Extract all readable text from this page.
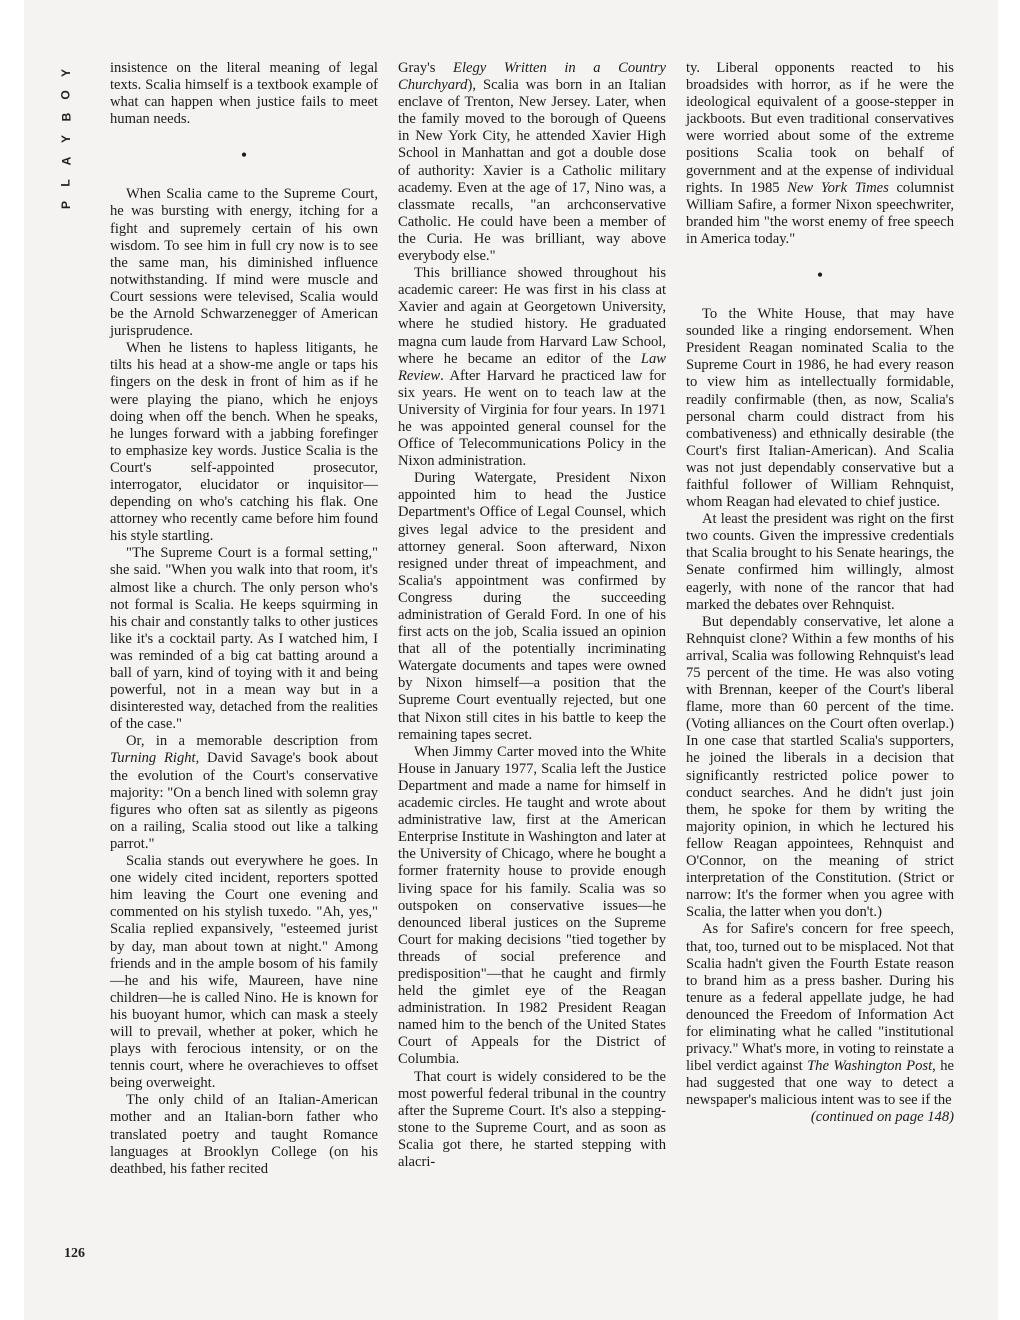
Y
O
B
Y
A
L
P
126

insistence on the literal meaning of legal texts. Scalia himself is a textbook example of what can happen when justice fails to meet human needs.

•

When Scalia came to the Supreme Court, he was bursting with energy, itching for a fight and supremely certain of his own wisdom. To see him in full cry now is to see the same man, his diminished influence notwithstanding. If mind were muscle and Court sessions were televised, Scalia would be the Arnold Schwarzenegger of American jurisprudence.

When he listens to hapless litigants, he tilts his head at a show-me angle or taps his fingers on the desk in front of him as if he were playing the piano, which he enjoys doing when off the bench. When he speaks, he lunges forward with a jabbing forefinger to emphasize key words. Justice Scalia is the Court's self-appointed prosecutor, interrogator, elucidator or inquisitor—depending on who's catching his flak. One attorney who recently came before him found his style startling.

"The Supreme Court is a formal setting," she said. "When you walk into that room, it's almost like a church. The only person who's not formal is Scalia. He keeps squirming in his chair and constantly talks to other justices like it's a cocktail party. As I watched him, I was reminded of a big cat batting around a ball of yarn, kind of toying with it and being powerful, not in a mean way but in a disinterested way, detached from the realities of the case."

Or, in a memorable description from Turning Right, David Savage's book about the evolution of the Court's conservative majority: "On a bench lined with solemn gray figures who often sat as silently as pigeons on a railing, Scalia stood out like a talking parrot."

Scalia stands out everywhere he goes. In one widely cited incident, reporters spotted him leaving the Court one evening and commented on his stylish tuxedo. "Ah, yes," Scalia replied expansively, "esteemed jurist by day, man about town at night." Among friends and in the ample bosom of his family—he and his wife, Maureen, have nine children—he is called Nino. He is known for his buoyant humor, which can mask a steely will to prevail, whether at poker, which he plays with ferocious intensity, or on the tennis court, where he overachieves to offset being overweight.

The only child of an Italian-American mother and an Italian-born father who translated poetry and taught Romance languages at Brooklyn College (on his deathbed, his father recited

Gray's Elegy Written in a Country Churchyard), Scalia was born in an Italian enclave of Trenton, New Jersey. Later, when the family moved to the borough of Queens in New York City, he attended Xavier High School in Manhattan and got a double dose of authority: Xavier is a Catholic military academy. Even at the age of 17, Nino was, a classmate recalls, "an archconservative Catholic. He could have been a member of the Curia. He was brilliant, way above everybody else."

This brilliance showed throughout his academic career: He was first in his class at Xavier and again at Georgetown University, where he studied history. He graduated magna cum laude from Harvard Law School, where he became an editor of the Law Review. After Harvard he practiced law for six years. He went on to teach law at the University of Virginia for four years. In 1971 he was appointed general counsel for the Office of Telecommunications Policy in the Nixon administration.

During Watergate, President Nixon appointed him to head the Justice Department's Office of Legal Counsel, which gives legal advice to the president and attorney general. Soon afterward, Nixon resigned under threat of impeachment, and Scalia's appointment was confirmed by Congress during the succeeding administration of Gerald Ford. In one of his first acts on the job, Scalia issued an opinion that all of the potentially incriminating Watergate documents and tapes were owned by Nixon himself—a position that the Supreme Court eventually rejected, but one that Nixon still cites in his battle to keep the remaining tapes secret.

When Jimmy Carter moved into the White House in January 1977, Scalia left the Justice Department and made a name for himself in academic circles. He taught and wrote about administrative law, first at the American Enterprise Institute in Washington and later at the University of Chicago, where he bought a former fraternity house to provide enough living space for his family. Scalia was so outspoken on conservative issues—he denounced liberal justices on the Supreme Court for making decisions "tied together by threads of social preference and predisposition"—that he caught and firmly held the gimlet eye of the Reagan administration. In 1982 President Reagan named him to the bench of the United States Court of Appeals for the District of Columbia.

That court is widely considered to be the most powerful federal tribunal in the country after the Supreme Court. It's also a stepping-stone to the Supreme Court, and as soon as Scalia got there, he started stepping with alacri-

ty. Liberal opponents reacted to his broadsides with horror, as if he were the ideological equivalent of a goose-stepper in jackboots. But even traditional conservatives were worried about some of the extreme positions Scalia took on behalf of government and at the expense of individual rights. In 1985 New York Times columnist William Safire, a former Nixon speechwriter, branded him "the worst enemy of free speech in America today."

•

To the White House, that may have sounded like a ringing endorsement. When President Reagan nominated Scalia to the Supreme Court in 1986, he had every reason to view him as intellectually formidable, readily confirmable (then, as now, Scalia's personal charm could distract from his combativeness) and ethnically desirable (the Court's first Italian-American). And Scalia was not just dependably conservative but a faithful follower of William Rehnquist, whom Reagan had elevated to chief justice.

At least the president was right on the first two counts. Given the impressive credentials that Scalia brought to his Senate hearings, the Senate confirmed him willingly, almost eagerly, with none of the rancor that had marked the debates over Rehnquist.

But dependably conservative, let alone a Rehnquist clone? Within a few months of his arrival, Scalia was following Rehnquist's lead 75 percent of the time. He was also voting with Brennan, keeper of the Court's liberal flame, more than 60 percent of the time. (Voting alliances on the Court often overlap.) In one case that startled Scalia's supporters, he joined the liberals in a decision that significantly restricted police power to conduct searches. And he didn't just join them, he spoke for them by writing the majority opinion, in which he lectured his fellow Reagan appointees, Rehnquist and O'Connor, on the meaning of strict interpretation of the Constitution. (Strict or narrow: It's the former when you agree with Scalia, the latter when you don't.)

As for Safire's concern for free speech, that, too, turned out to be misplaced. Not that Scalia hadn't given the Fourth Estate reason to brand him as a press basher. During his tenure as a federal appellate judge, he had denounced the Freedom of Information Act for eliminating what he called "institutional privacy." What's more, in voting to reinstate a libel verdict against The Washington Post, he had suggested that one way to detect a newspaper's malicious intent was to see if the

(continued on page 148)
